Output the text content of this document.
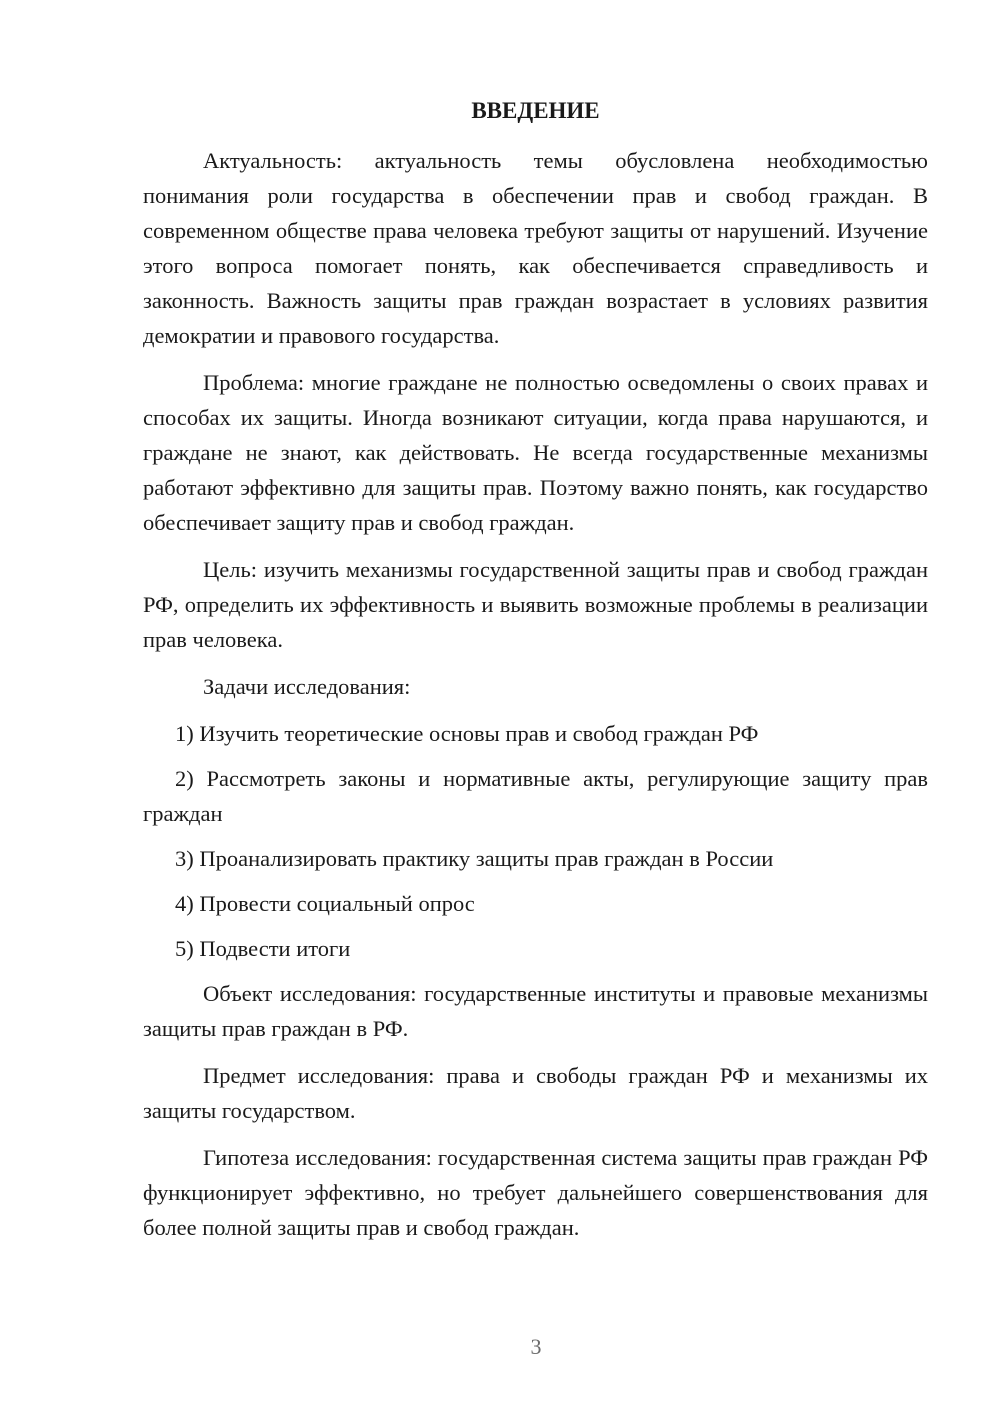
ВВЕДЕНИЕ

Актуальность: актуальность темы обусловлена необходимостью понимания роли государства в обеспечении прав и свобод граждан. В современном обществе права человека требуют защиты от нарушений. Изучение этого вопроса помогает понять, как обеспечивается справедливость и законность. Важность защиты прав граждан возрастает в условиях развития демократии и правового государства.

Проблема: многие граждане не полностью осведомлены о своих правах и способах их защиты. Иногда возникают ситуации, когда права нарушаются, и граждане не знают, как действовать. Не всегда государственные механизмы работают эффективно для защиты прав. Поэтому важно понять, как государство обеспечивает защиту прав и свобод граждан.

Цель: изучить механизмы государственной защиты прав и свобод граждан РФ, определить их эффективность и выявить возможные проблемы в реализации прав человека.

Задачи исследования:

1) Изучить теоретические основы прав и свобод граждан РФ

2) Рассмотреть законы и нормативные акты, регулирующие защиту прав граждан

3) Проанализировать практику защиты прав граждан в России

4) Провести социальный опрос

5) Подвести итоги

Объект исследования: государственные институты и правовые механизмы защиты прав граждан в РФ.

Предмет исследования: права и свободы граждан РФ и механизмы их защиты государством.

Гипотеза исследования: государственная система защиты прав граждан РФ функционирует эффективно, но требует дальнейшего совершенствования для более полной защиты прав и свобод граждан.

3
